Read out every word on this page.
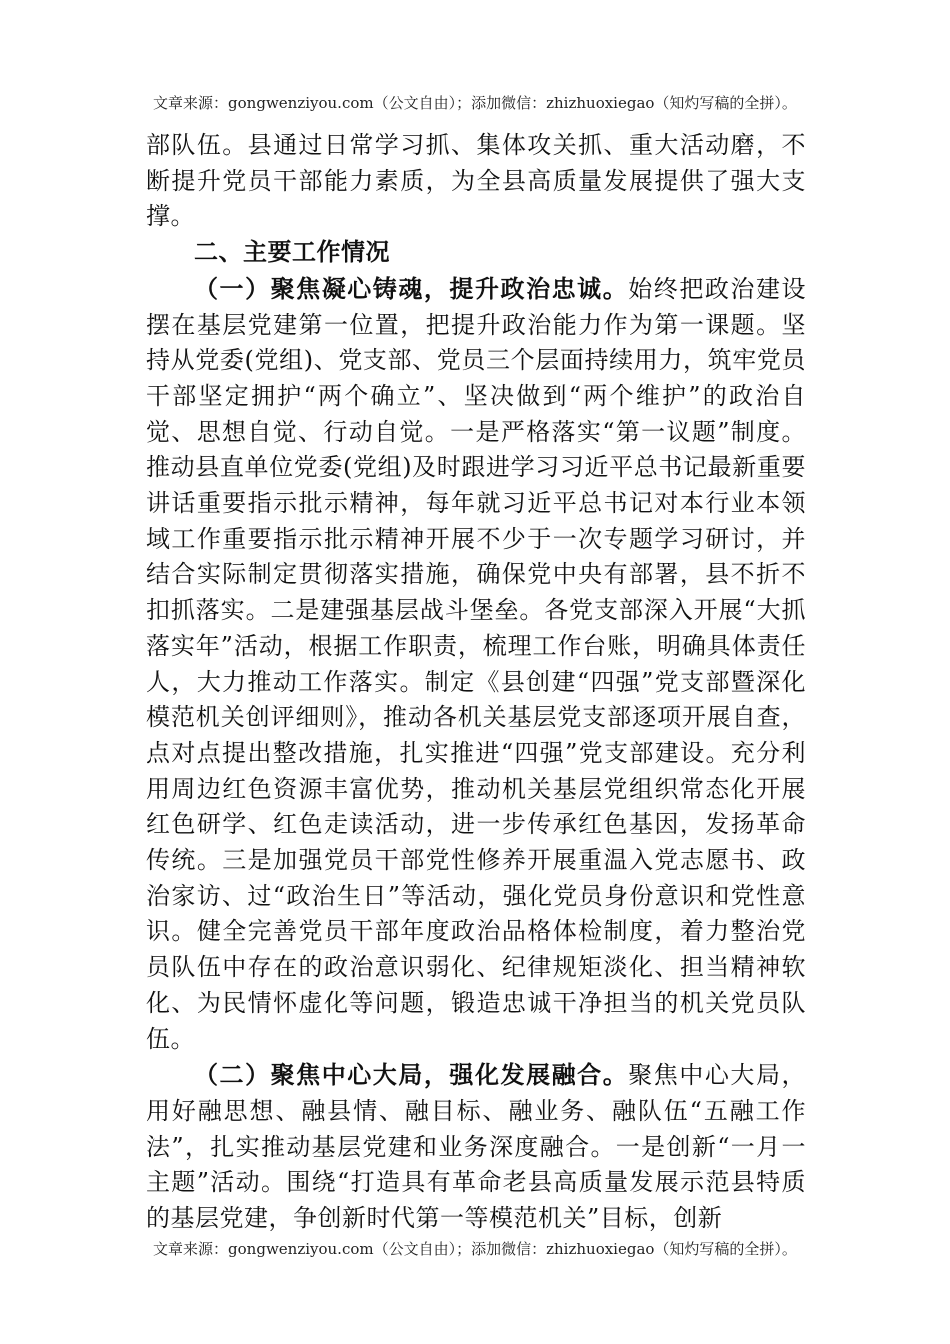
文章来源：gongwenziyou.com（公文自由）；添加微信：zhizhuoxiegao（知灼写稿的全拼）。

部队伍。县通过日常学习抓、集体攻关抓、重大活动磨，不断提升党员干部能力素质，为全县高质量发展提供了强大支撑。

二、主要工作情况

（一）聚焦凝心铸魂，提升政治忠诚。始终把政治建设摆在基层党建第一位置，把提升政治能力作为第一课题。坚持从党委(党组)、党支部、党员三个层面持续用力，筑牢党员干部坚定拥护“两个确立”、坚决做到“两个维护”的政治自觉、思想自觉、行动自觉。一是严格落实“第一议题”制度。推动县直单位党委(党组)及时跟进学习习近平总书记最新重要讲话重要指示批示精神，每年就习近平总书记对本行业本领域工作重要指示批示精神开展不少于一次专题学习研讨，并结合实际制定贯彻落实措施，确保党中央有部署，县不折不扣抓落实。二是建强基层战斗堡垒。各党支部深入开展“大抓落实年”活动，根据工作职责，梳理工作台账，明确具体责任人，大力推动工作落实。制定《县创建“四强”党支部暨深化模范机关创评细则》，推动各机关基层党支部逐项开展自查，点对点提出整改措施，扎实推进“四强”党支部建设。充分利用周边红色资源丰富优势，推动机关基层党组织常态化开展红色研学、红色走读活动，进一步传承红色基因，发扬革命传统。三是加强党员干部党性修养开展重温入党志愿书、政治家访、过“政治生日”等活动，强化党员身份意识和党性意识。健全完善党员干部年度政治品格体检制度，着力整治党员队伍中存在的政治意识弱化、纪律规矩淡化、担当精神软化、为民情怀虚化等问题，锻造忠诚干净担当的机关党员队伍。

（二）聚焦中心大局，强化发展融合。聚焦中心大局，用好融思想、融县情、融目标、融业务、融队伍“五融工作法”，扎实推动基层党建和业务深度融合。一是创新“一月一主题”活动。围绕“打造具有革命老县高质量发展示范县特质的基层党建，争创新时代第一等模范机关”目标，创新

文章来源：gongwenziyou.com（公文自由）；添加微信：zhizhuoxiegao（知灼写稿的全拼）。
